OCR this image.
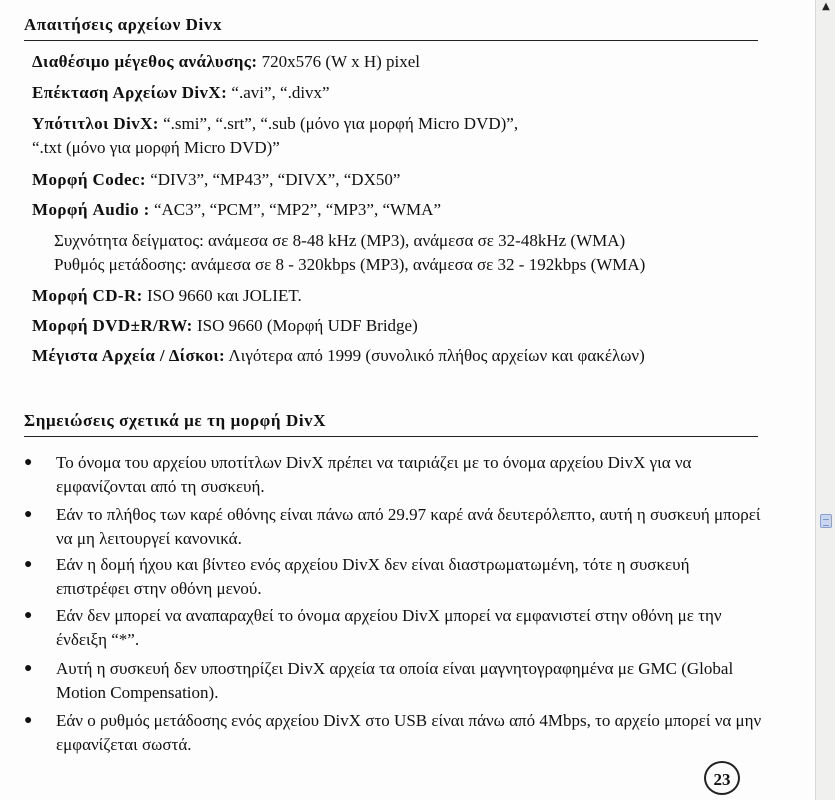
Απαιτήσεις αρχείων Divx
Διαθέσιμο μέγεθος ανάλυσης: 720x576 (W x H) pixel
Επέκταση Αρχείων DivX: “.avi”, “.divx”
Υπότιτλοι DivX: “.smi”, “.srt”, “.sub (μόνο για μορφή Micro DVD)”,
“.txt (μόνο για μορφή Micro DVD)”
Μορφή Codec: “DIV3”, “MP43”, “DIVX”, “DX50”
Μορφή Audio : “AC3”, “PCM”, “MP2”, “MP3”, “WMA”
Συχνότητα δείγματος: ανάμεσα σε 8-48 kHz (MP3), ανάμεσα σε 32-48kHz (WMA)
Ρυθμός μετάδοσης: ανάμεσα σε 8 - 320kbps (MP3), ανάμεσα σε 32 - 192kbps (WMA)
Μορφή CD-R: ISO 9660 και JOLIET.
Μορφή DVD±R/RW: ISO 9660 (Μορφή UDF Bridge)
Μέγιστα Αρχεία / Δίσκοι: Λιγότερα από 1999 (συνολικό πλήθος αρχείων και φακέλων)
Σημειώσεις σχετικά με τη μορφή DivX
●	Το όνομα του αρχείου υποτίτλων DivX πρέπει να ταιριάζει με το όνομα αρχείου DivX για να εμφανίζονται από τη συσκευή.
●	Εάν το πλήθος των καρέ οθόνης είναι πάνω από 29.97 καρέ ανά δευτερόλεπτο, αυτή η συσκευή μπορεί να μη λειτουργεί κανονικά.
●	Εάν η δομή ήχου και βίντεο ενός αρχείου DivX δεν είναι διαστρωματωμένη, τότε η συσκευή επιστρέφει στην οθόνη μενού.
●	Εάν δεν μπορεί να αναπαραχθεί το όνομα αρχείου DivX μπορεί να εμφανιστεί στην οθόνη με την ένδειξη “*”.
●	Αυτή η συσκευή δεν υποστηρίζει DivX αρχεία τα οποία είναι μαγνητογραφημένα με GMC (Global Motion Compensation).
●	Εάν ο ρυθμός μετάδοσης ενός αρχείου DivX στο USB είναι πάνω από 4Mbps, το αρχείο μπορεί να μην εμφανίζεται σωστά.
23
▲
